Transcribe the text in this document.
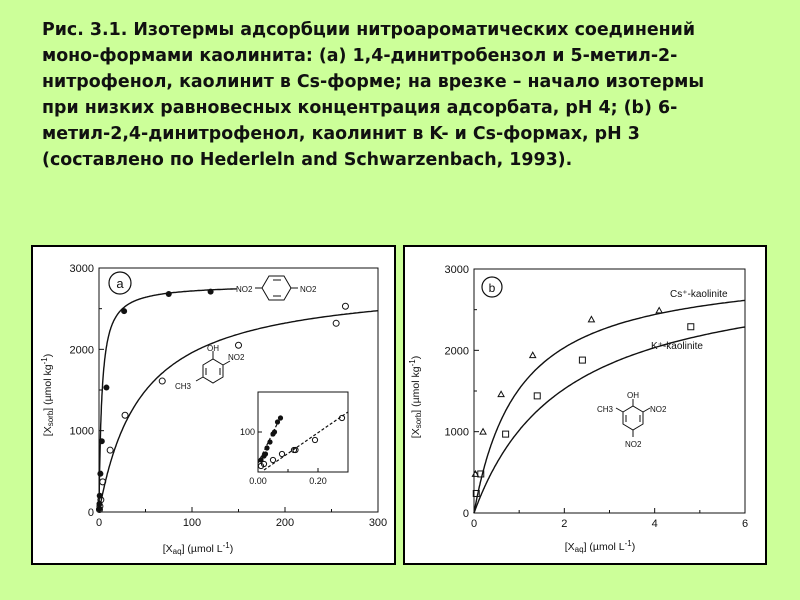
Рис. 3.1. Изотермы адсорбции нитроароматических соединений
моно-формами каолинита: (a) 1,4-динитробензол и 5-метил-2-
нитрофенол, каолинит в Cs-форме; на врезке – начало изотермы
при низких равновесных концентрация адсорбата, pH 4; (b) 6-
метил-2,4-динитрофенол, каолинит в K- и Cs-формах, pH 3
(составлено по Hederleln and Schwarzenbach, 1993).
0	100	200	300
0
1000
2000
3000
a
[Xsorb] (µmol $kg^{-1}$)
[Xaq] (µmol $L^{-1}$)
NO2	NO2
OH
NO2
CH3
0.00	0.20
100
0	2	4	6
0
1000
2000
3000
b
[Xsorb] (µmol $kg^{-1}$)
[Xaq] (µmol $L^{-1}$)
Cs⁺-kaolinite
K⁺-kaolinite
OH
CH3	NO2
NO2
